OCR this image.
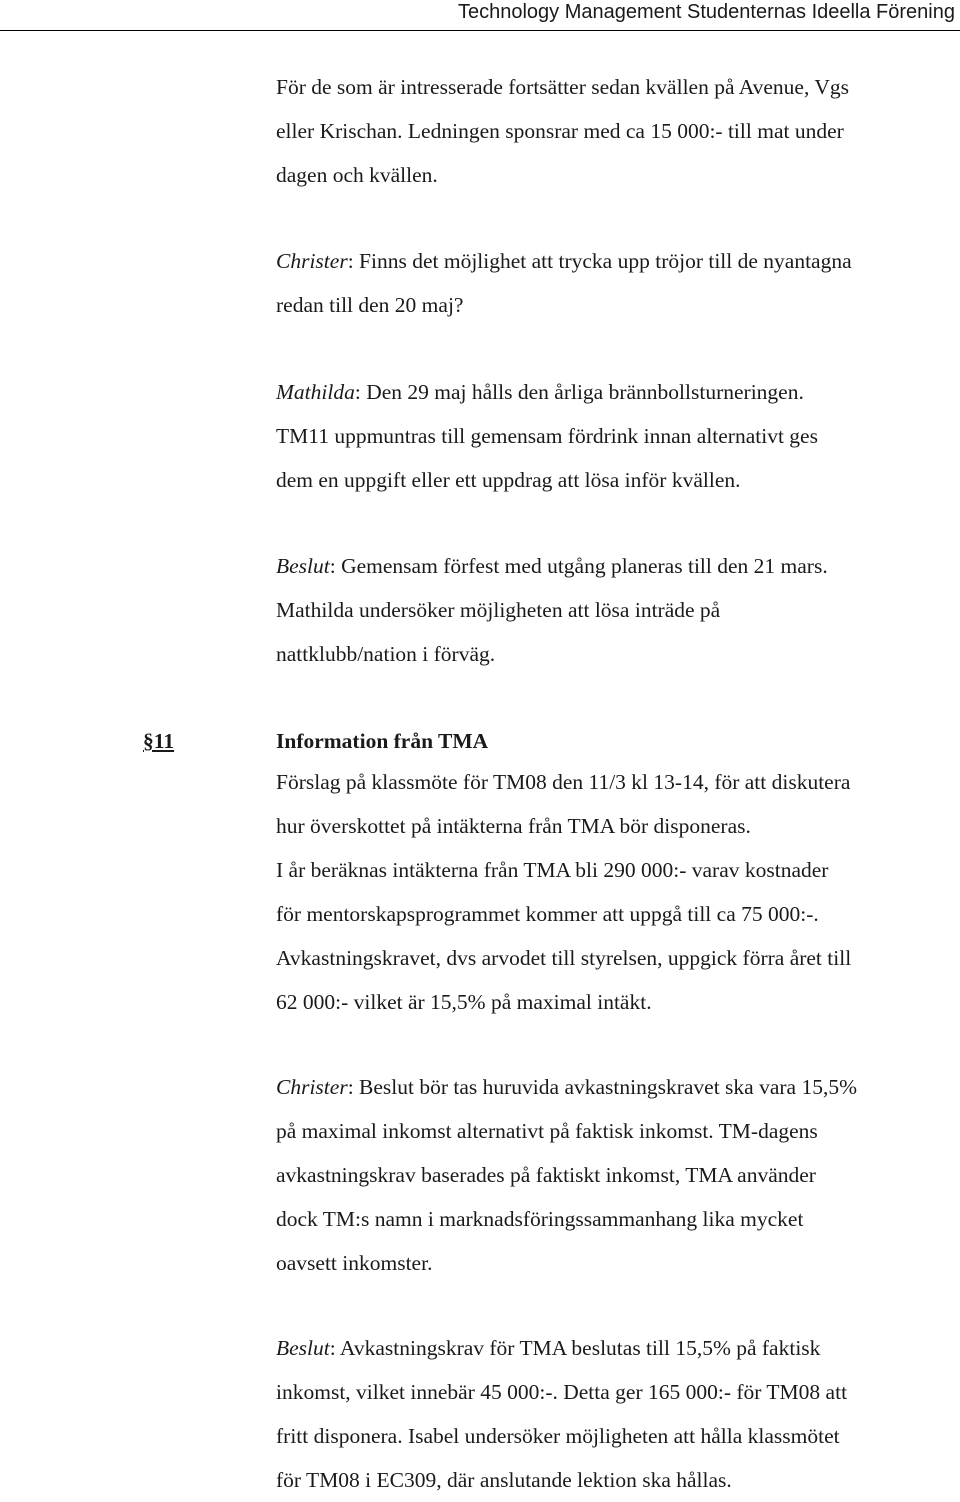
Technology Management Studenternas Ideella Förening

För de som är intresserade fortsätter sedan kvällen på Avenue, Vgs

eller Krischan. Ledningen sponsrar med ca 15 000:- till mat under

dagen och kvällen.

Christer: Finns det möjlighet att trycka upp tröjor till de nyantagna

redan till den 20 maj?

Mathilda: Den 29 maj hålls den årliga brännbollsturneringen.

TM11 uppmuntras till gemensam fördrink innan alternativt ges

dem en uppgift eller ett uppdrag att lösa inför kvällen.

Beslut: Gemensam förfest med utgång planeras till den 21 mars.

Mathilda undersöker möjligheten att lösa inträde på

nattklubb/nation i förväg.

§11	Information från TMA

Förslag på klassmöte för TM08 den 11/3 kl 13-14, för att diskutera

hur överskottet på intäkterna från TMA bör disponeras.

I år beräknas intäkterna från TMA bli 290 000:- varav kostnader

för mentorskapsprogrammet kommer att uppgå till ca 75 000:-.

Avkastningskravet, dvs arvodet till styrelsen, uppgick förra året till

62 000:- vilket är 15,5% på maximal intäkt.

Christer: Beslut bör tas huruvida avkastningskravet ska vara 15,5%

på maximal inkomst alternativt på faktisk inkomst. TM-dagens

avkastningskrav baserades på faktiskt inkomst, TMA använder

dock TM:s namn i marknadsföringssammanhang lika mycket

oavsett inkomster.

Beslut: Avkastningskrav för TMA beslutas till 15,5% på faktisk

inkomst, vilket innebär 45 000:-. Detta ger 165 000:- för TM08 att

fritt disponera. Isabel undersöker möjligheten att hålla klassmötet

för TM08 i EC309, där anslutande lektion ska hållas.
